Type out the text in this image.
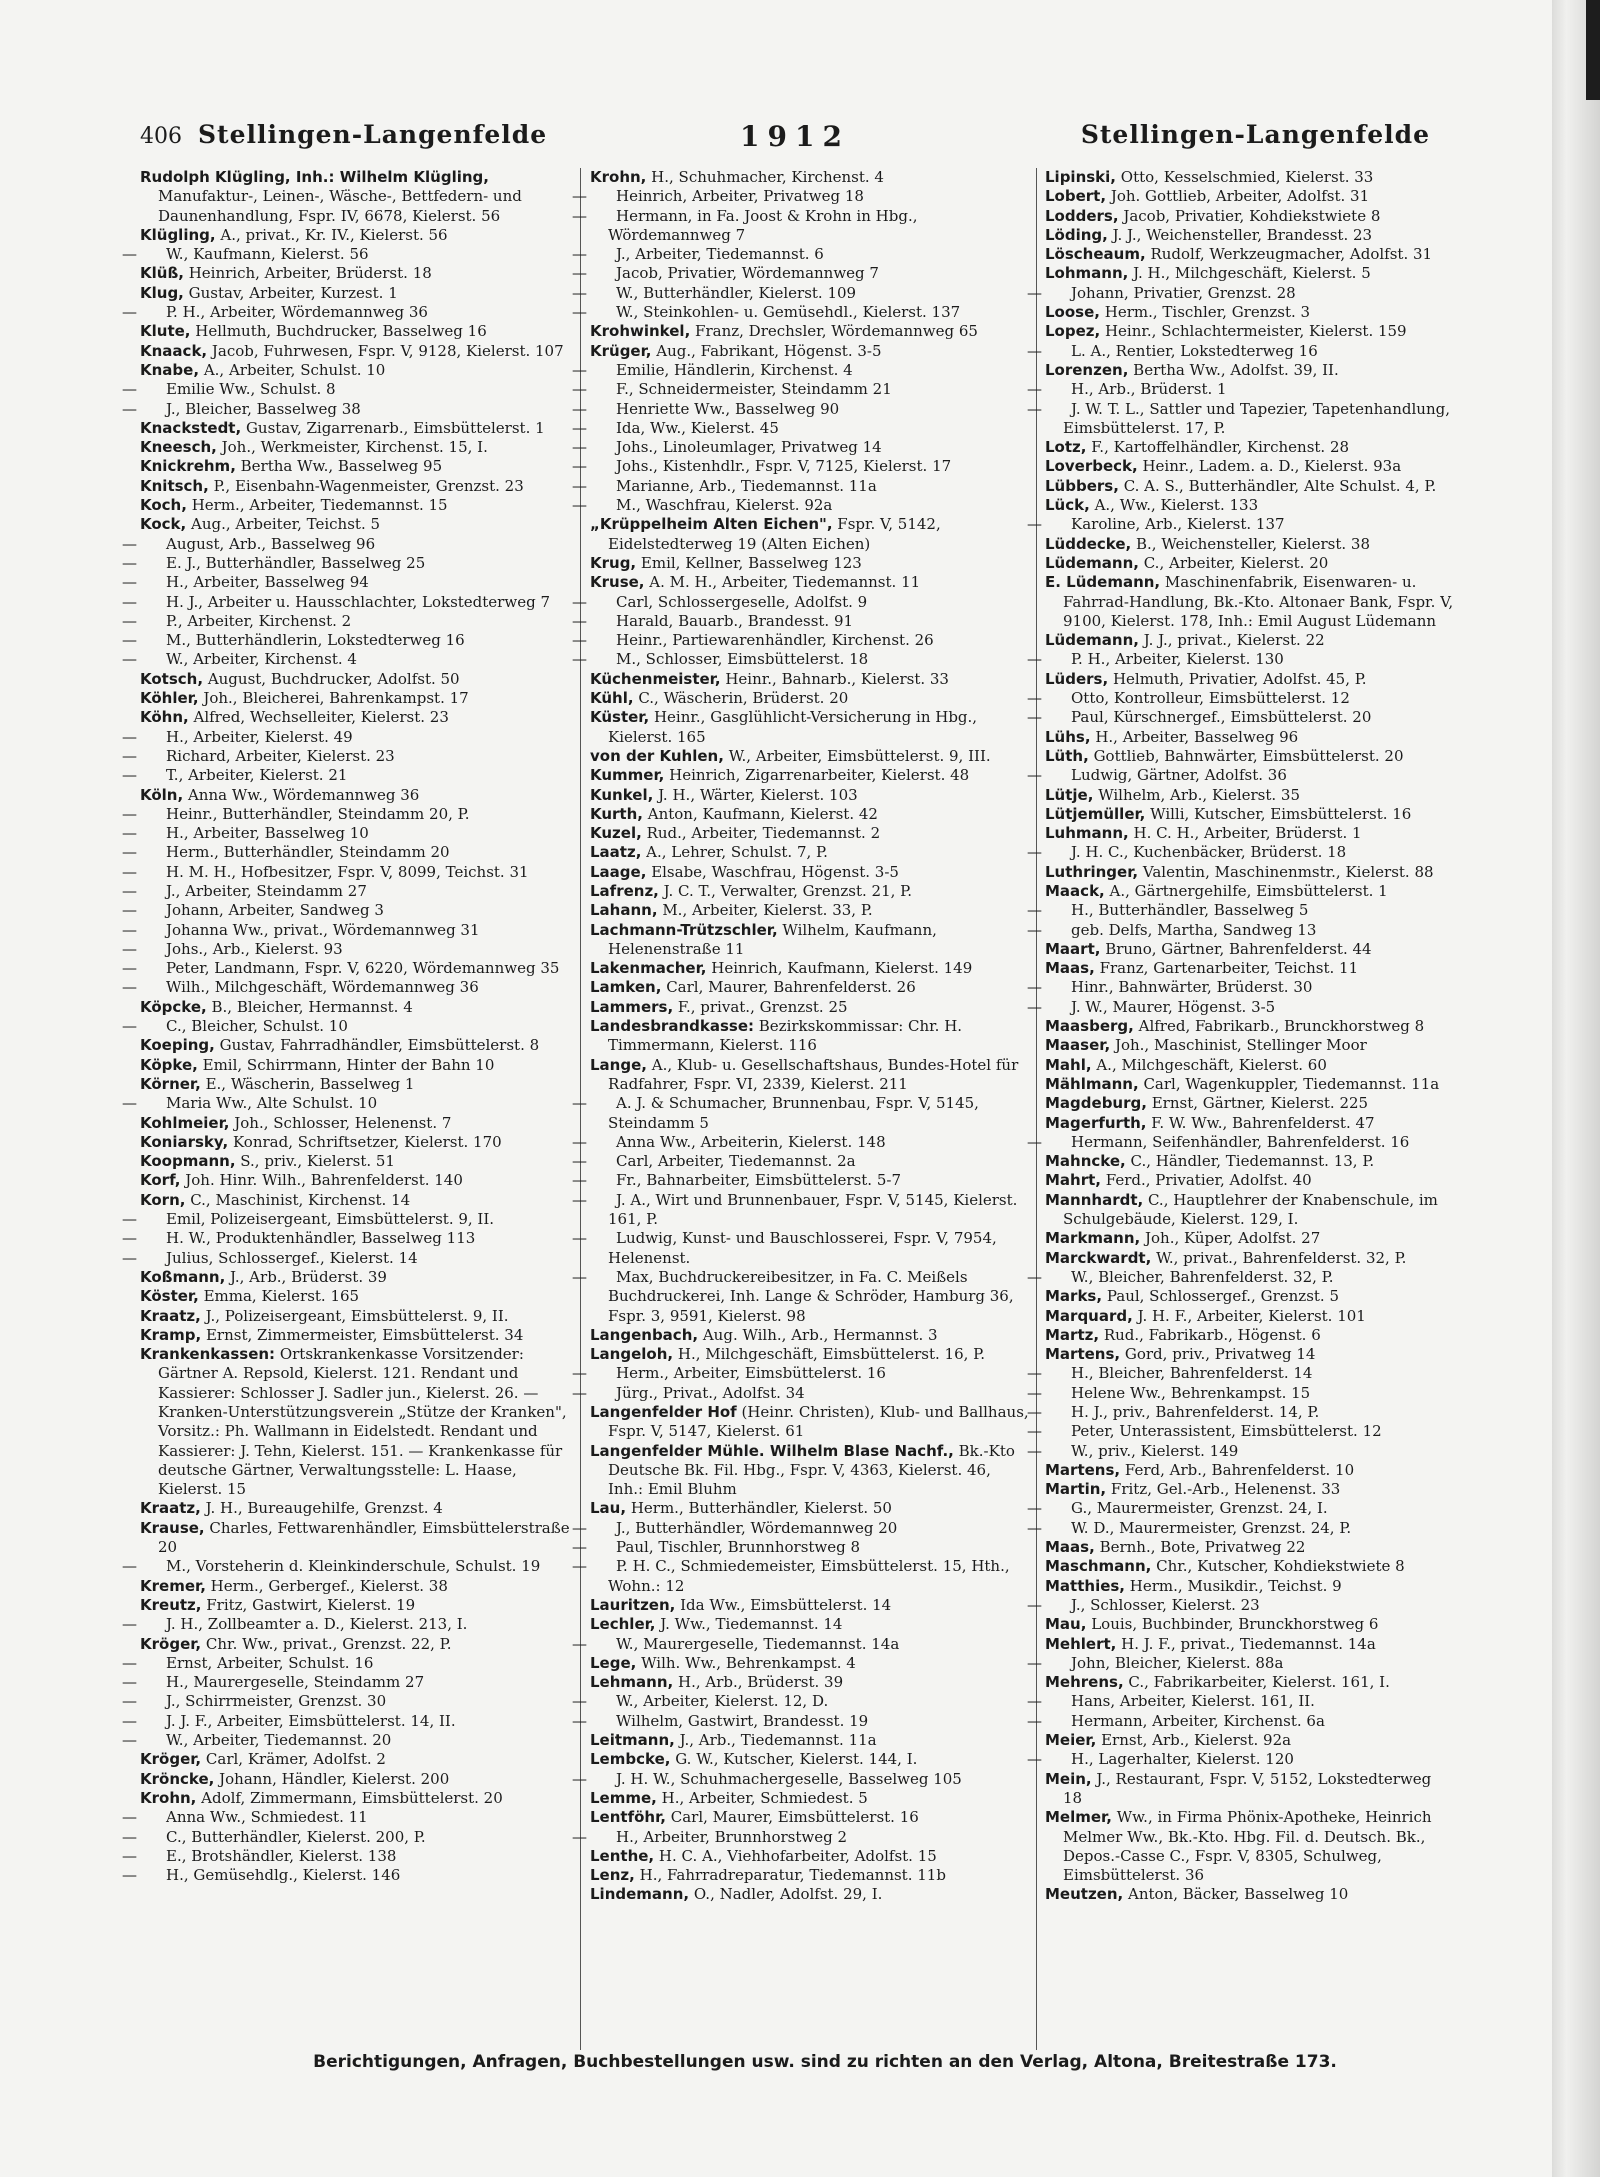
406 Stellingen-Langenfelde	1912	Stellingen-Langenfelde

Rudolph Klügling, Inh.: Wilhelm Klügling, Manufaktur-, Leinen-, Wäsche-, Bettfedern- und Daunenhandlung, Fspr. IV, 6678, Kielerst. 56

Klügling, A., privat., Kr. IV., Kielerst. 56

— W., Kaufmann, Kielerst. 56

Klüß, Heinrich, Arbeiter, Brüderst. 18

Klug, Gustav, Arbeiter, Kurzest. 1

— P. H., Arbeiter, Wördemannweg 36

Klute, Hellmuth, Buchdrucker, Basselweg 16

Knaack, Jacob, Fuhrwesen, Fspr. V, 9128, Kielerst. 107

Knabe, A., Arbeiter, Schulst. 10

— Emilie Ww., Schulst. 8

— J., Bleicher, Basselweg 38

Knackstedt, Gustav, Zigarrenarb., Eimsbüttelerst. 1

Kneesch, Joh., Werkmeister, Kirchenst. 15, I.

Knickrehm, Bertha Ww., Basselweg 95

Knitsch, P., Eisenbahn-Wagenmeister, Grenzst. 23

Koch, Herm., Arbeiter, Tiedemannst. 15

Kock, Aug., Arbeiter, Teichst. 5

— August, Arb., Basselweg 96

— E. J., Butterhändler, Basselweg 25

— H., Arbeiter, Basselweg 94

— H. J., Arbeiter u. Hausschlachter, Lokstedterweg 7

— P., Arbeiter, Kirchenst. 2

— M., Butterhändlerin, Lokstedterweg 16

— W., Arbeiter, Kirchenst. 4

Kotsch, August, Buchdrucker, Adolfst. 50

Köhler, Joh., Bleicherei, Bahrenkampst. 17

Köhn, Alfred, Wechselleiter, Kielerst. 23

— H., Arbeiter, Kielerst. 49

— Richard, Arbeiter, Kielerst. 23

— T., Arbeiter, Kielerst. 21

Köln, Anna Ww., Wördemannweg 36

— Heinr., Butterhändler, Steindamm 20, P.

— H., Arbeiter, Basselweg 10

— Herm., Butterhändler, Steindamm 20

— H. M. H., Hofbesitzer, Fspr. V, 8099, Teichst. 31

— J., Arbeiter, Steindamm 27

— Johann, Arbeiter, Sandweg 3

— Johanna Ww., privat., Wördemannweg 31

— Johs., Arb., Kielerst. 93

— Peter, Landmann, Fspr. V, 6220, Wördemannweg 35

— Wilh., Milchgeschäft, Wördemannweg 36

Köpcke, B., Bleicher, Hermannst. 4

— C., Bleicher, Schulst. 10

Koeping, Gustav, Fahrradhändler, Eimsbüttelerst. 8

Köpke, Emil, Schirrmann, Hinter der Bahn 10

Körner, E., Wäscherin, Basselweg 1

— Maria Ww., Alte Schulst. 10

Kohlmeier, Joh., Schlosser, Helenenst. 7

Koniarsky, Konrad, Schriftsetzer, Kielerst. 170

Koopmann, S., priv., Kielerst. 51

Korf, Joh. Hinr. Wilh., Bahrenfelderst. 140

Korn, C., Maschinist, Kirchenst. 14

— Emil, Polizeisergeant, Eimsbüttelerst. 9, II.

— H. W., Produktenhändler, Basselweg 113

— Julius, Schlossergef., Kielerst. 14

Koßmann, J., Arb., Brüderst. 39

Köster, Emma, Kielerst. 165

Kraatz, J., Polizeisergeant, Eimsbüttelerst. 9, II.

Kramp, Ernst, Zimmermeister, Eimsbüttelerst. 34

Krankenkassen: Ortskrankenkasse Vorsitzender: Gärtner A. Repsold, Kielerst. 121. Rendant und Kassierer: Schlosser J. Sadler jun., Kielerst. 26. — Kranken-Unterstützungsverein „Stütze der Kranken", Vorsitz.: Ph. Wallmann in Eidelstedt. Rendant und Kassierer: J. Tehn, Kielerst. 151. — Krankenkasse für deutsche Gärtner, Verwaltungsstelle: L. Haase, Kielerst. 15

Kraatz, J. H., Bureaugehilfe, Grenzst. 4

Krause, Charles, Fettwarenhändler, Eimsbüttelerstraße 20

— M., Vorsteherin d. Kleinkinderschule, Schulst. 19

Kremer, Herm., Gerbergef., Kielerst. 38

Kreutz, Fritz, Gastwirt, Kielerst. 19

— J. H., Zollbeamter a. D., Kielerst. 213, I.

Kröger, Chr. Ww., privat., Grenzst. 22, P.

— Ernst, Arbeiter, Schulst. 16

— H., Maurergeselle, Steindamm 27

— J., Schirrmeister, Grenzst. 30

— J. J. F., Arbeiter, Eimsbüttelerst. 14, II.

— W., Arbeiter, Tiedemannst. 20

Kröger, Carl, Krämer, Adolfst. 2

Kröncke, Johann, Händler, Kielerst. 200

Krohn, Adolf, Zimmermann, Eimsbüttelerst. 20

— Anna Ww., Schmiedest. 11

— C., Butterhändler, Kielerst. 200, P.

— E., Brotshändler, Kielerst. 138

— H., Gemüsehdlg., Kielerst. 146

Krohn, H., Schuhmacher, Kirchenst. 4

— Heinrich, Arbeiter, Privatweg 18

— Hermann, in Fa. Joost & Krohn in Hbg., Wördemannweg 7

— J., Arbeiter, Tiedemannst. 6

— Jacob, Privatier, Wördemannweg 7

— W., Butterhändler, Kielerst. 109

— W., Steinkohlen- u. Gemüsehdl., Kielerst. 137

Krohwinkel, Franz, Drechsler, Wördemannweg 65

Krüger, Aug., Fabrikant, Högenst. 3-5

— Emilie, Händlerin, Kirchenst. 4

— F., Schneidermeister, Steindamm 21

— Henriette Ww., Basselweg 90

— Ida, Ww., Kielerst. 45

— Johs., Linoleumlager, Privatweg 14

— Johs., Kistenhdlr., Fspr. V, 7125, Kielerst. 17

— Marianne, Arb., Tiedemannst. 11a

— M., Waschfrau, Kielerst. 92a

„Krüppelheim Alten Eichen", Fspr. V, 5142, Eidelstedterweg 19 (Alten Eichen)

Krug, Emil, Kellner, Basselweg 123

Kruse, A. M. H., Arbeiter, Tiedemannst. 11

— Carl, Schlossergeselle, Adolfst. 9

— Harald, Bauarb., Brandesst. 91

— Heinr., Partiewarenhändler, Kirchenst. 26

— M., Schlosser, Eimsbüttelerst. 18

Küchenmeister, Heinr., Bahnarb., Kielerst. 33

Kühl, C., Wäscherin, Brüderst. 20

Küster, Heinr., Gasglühlicht-Versicherung in Hbg., Kielerst. 165

von der Kuhlen, W., Arbeiter, Eimsbüttelerst. 9, III.

Kummer, Heinrich, Zigarrenarbeiter, Kielerst. 48

Kunkel, J. H., Wärter, Kielerst. 103

Kurth, Anton, Kaufmann, Kielerst. 42

Kuzel, Rud., Arbeiter, Tiedemannst. 2

Laatz, A., Lehrer, Schulst. 7, P.

Laage, Elsabe, Waschfrau, Högenst. 3-5

Lafrenz, J. C. T., Verwalter, Grenzst. 21, P.

Lahann, M., Arbeiter, Kielerst. 33, P.

Lachmann-Trützschler, Wilhelm, Kaufmann, Helenenstraße 11

Lakenmacher, Heinrich, Kaufmann, Kielerst. 149

Lamken, Carl, Maurer, Bahrenfelderst. 26

Lammers, F., privat., Grenzst. 25

Landesbrandkasse: Bezirkskommissar: Chr. H. Timmermann, Kielerst. 116

Lange, A., Klub- u. Gesellschaftshaus, Bundes-Hotel für Radfahrer, Fspr. VI, 2339, Kielerst. 211

— A. J. & Schumacher, Brunnenbau, Fspr. V, 5145, Steindamm 5

— Anna Ww., Arbeiterin, Kielerst. 148

— Carl, Arbeiter, Tiedemannst. 2a

— Fr., Bahnarbeiter, Eimsbüttelerst. 5-7

— J. A., Wirt und Brunnenbauer, Fspr. V, 5145, Kielerst. 161, P.

— Ludwig, Kunst- und Bauschlosserei, Fspr. V, 7954, Helenenst.

— Max, Buchdruckereibesitzer, in Fa. C. Meißels Buchdruckerei, Inh. Lange & Schröder, Hamburg 36, Fspr. 3, 9591, Kielerst. 98

Langenbach, Aug. Wilh., Arb., Hermannst. 3

Langeloh, H., Milchgeschäft, Eimsbüttelerst. 16, P.

— Herm., Arbeiter, Eimsbüttelerst. 16

— Jürg., Privat., Adolfst. 34

Langenfelder Hof (Heinr. Christen), Klub- und Ballhaus, Fspr. V, 5147, Kielerst. 61

Langenfelder Mühle. Wilhelm Blase Nachf., Bk.-Kto Deutsche Bk. Fil. Hbg., Fspr. V, 4363, Kielerst. 46, Inh.: Emil Bluhm

Lau, Herm., Butterhändler, Kielerst. 50

— J., Butterhändler, Wördemannweg 20

— Paul, Tischler, Brunnhorstweg 8

— P. H. C., Schmiedemeister, Eimsbüttelerst. 15, Hth., Wohn.: 12

Lauritzen, Ida Ww., Eimsbüttelerst. 14

Lechler, J. Ww., Tiedemannst. 14

— W., Maurergeselle, Tiedemannst. 14a

Lege, Wilh. Ww., Behrenkampst. 4

Lehmann, H., Arb., Brüderst. 39

— W., Arbeiter, Kielerst. 12, D.

— Wilhelm, Gastwirt, Brandesst. 19

Leitmann, J., Arb., Tiedemannst. 11a

Lembcke, G. W., Kutscher, Kielerst. 144, I.

— J. H. W., Schuhmachergeselle, Basselweg 105

Lemme, H., Arbeiter, Schmiedest. 5

Lentföhr, Carl, Maurer, Eimsbüttelerst. 16

— H., Arbeiter, Brunnhorstweg 2

Lenthe, H. C. A., Viehhofarbeiter, Adolfst. 15

Lenz, H., Fahrradreparatur, Tiedemannst. 11b

Lindemann, O., Nadler, Adolfst. 29, I.

Lipinski, Otto, Kesselschmied, Kielerst. 33

Lobert, Joh. Gottlieb, Arbeiter, Adolfst. 31

Lodders, Jacob, Privatier, Kohdiekstwiete 8

Löding, J. J., Weichensteller, Brandesst. 23

Löscheaum, Rudolf, Werkzeugmacher, Adolfst. 31

Lohmann, J. H., Milchgeschäft, Kielerst. 5

— Johann, Privatier, Grenzst. 28

Loose, Herm., Tischler, Grenzst. 3

Lopez, Heinr., Schlachtermeister, Kielerst. 159

— L. A., Rentier, Lokstedterweg 16

Lorenzen, Bertha Ww., Adolfst. 39, II.

— H., Arb., Brüderst. 1

— J. W. T. L., Sattler und Tapezier, Tapetenhandlung, Eimsbüttelerst. 17, P.

Lotz, F., Kartoffelhändler, Kirchenst. 28

Loverbeck, Heinr., Ladem. a. D., Kielerst. 93a

Lübbers, C. A. S., Butterhändler, Alte Schulst. 4, P.

Lück, A., Ww., Kielerst. 133

— Karoline, Arb., Kielerst. 137

Lüddecke, B., Weichensteller, Kielerst. 38

Lüdemann, C., Arbeiter, Kielerst. 20

E. Lüdemann, Maschinenfabrik, Eisenwaren- u. Fahrrad-Handlung, Bk.-Kto. Altonaer Bank, Fspr. V, 9100, Kielerst. 178, Inh.: Emil August Lüdemann

Lüdemann, J. J., privat., Kielerst. 22

— P. H., Arbeiter, Kielerst. 130

Lüders, Helmuth, Privatier, Adolfst. 45, P.

— Otto, Kontrolleur, Eimsbüttelerst. 12

— Paul, Kürschnergef., Eimsbüttelerst. 20

Lühs, H., Arbeiter, Basselweg 96

Lüth, Gottlieb, Bahnwärter, Eimsbüttelerst. 20

— Ludwig, Gärtner, Adolfst. 36

Lütje, Wilhelm, Arb., Kielerst. 35

Lütjemüller, Willi, Kutscher, Eimsbüttelerst. 16

Luhmann, H. C. H., Arbeiter, Brüderst. 1

— J. H. C., Kuchenbäcker, Brüderst. 18

Luthringer, Valentin, Maschinenmstr., Kielerst. 88

Maack, A., Gärtnergehilfe, Eimsbüttelerst. 1

— H., Butterhändler, Basselweg 5

— geb. Delfs, Martha, Sandweg 13

Maart, Bruno, Gärtner, Bahrenfelderst. 44

Maas, Franz, Gartenarbeiter, Teichst. 11

— Hinr., Bahnwärter, Brüderst. 30

— J. W., Maurer, Högenst. 3-5

Maasberg, Alfred, Fabrikarb., Brunckhorstweg 8

Maaser, Joh., Maschinist, Stellinger Moor

Mahl, A., Milchgeschäft, Kielerst. 60

Mählmann, Carl, Wagenkuppler, Tiedemannst. 11a

Magdeburg, Ernst, Gärtner, Kielerst. 225

Magerfurth, F. W. Ww., Bahrenfelderst. 47

— Hermann, Seifenhändler, Bahrenfelderst. 16

Mahncke, C., Händler, Tiedemannst. 13, P.

Mahrt, Ferd., Privatier, Adolfst. 40

Mannhardt, C., Hauptlehrer der Knabenschule, im Schulgebäude, Kielerst. 129, I.

Markmann, Joh., Küper, Adolfst. 27

Marckwardt, W., privat., Bahrenfelderst. 32, P.

— W., Bleicher, Bahrenfelderst. 32, P.

Marks, Paul, Schlossergef., Grenzst. 5

Marquard, J. H. F., Arbeiter, Kielerst. 101

Martz, Rud., Fabrikarb., Högenst. 6

Martens, Gord, priv., Privatweg 14

— H., Bleicher, Bahrenfelderst. 14

— Helene Ww., Behrenkampst. 15

— H. J., priv., Bahrenfelderst. 14, P.

— Peter, Unterassistent, Eimsbüttelerst. 12

— W., priv., Kielerst. 149

Martens, Ferd, Arb., Bahrenfelderst. 10

Martin, Fritz, Gel.-Arb., Helenenst. 33

— G., Maurermeister, Grenzst. 24, I.

— W. D., Maurermeister, Grenzst. 24, P.

Maas, Bernh., Bote, Privatweg 22

Maschmann, Chr., Kutscher, Kohdiekstwiete 8

Matthies, Herm., Musikdir., Teichst. 9

— J., Schlosser, Kielerst. 23

Mau, Louis, Buchbinder, Brunckhorstweg 6

Mehlert, H. J. F., privat., Tiedemannst. 14a

— John, Bleicher, Kielerst. 88a

Mehrens, C., Fabrikarbeiter, Kielerst. 161, I.

— Hans, Arbeiter, Kielerst. 161, II.

— Hermann, Arbeiter, Kirchenst. 6a

Meier, Ernst, Arb., Kielerst. 92a

— H., Lagerhalter, Kielerst. 120

Mein, J., Restaurant, Fspr. V, 5152, Lokstedterweg 18

Melmer, Ww., in Firma Phönix-Apotheke, Heinrich Melmer Ww., Bk.-Kto. Hbg. Fil. d. Deutsch. Bk., Depos.-Casse C., Fspr. V, 8305, Schulweg, Eimsbüttelerst. 36

Meutzen, Anton, Bäcker, Basselweg 10

Berichtigungen, Anfragen, Buchbestellungen usw. sind zu richten an den Verlag, Altona, Breitestraße 173.
